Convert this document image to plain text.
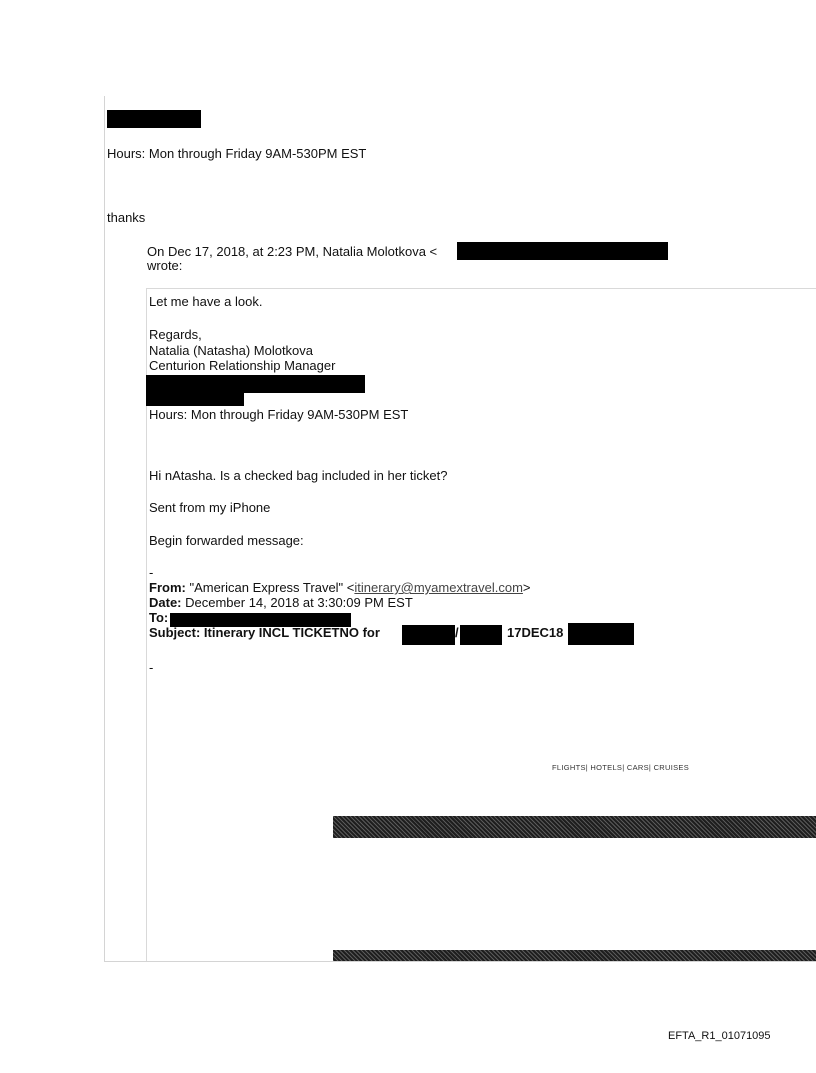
Hours: Mon through Friday 9AM-530PM EST
thanks
On Dec 17, 2018, at 2:23 PM, Natalia Molotkova <
wrote:
Let me have a look.
Regards,
Natalia (Natasha) Molotkova
Centurion Relationship Manager
Hours: Mon through Friday 9AM-530PM EST
Hi nAtasha. Is a checked bag included in her ticket?
Sent from my iPhone
Begin forwarded message:
-
From: "American Express Travel" <itinerary@myamextravel.com>
Date: December 14, 2018 at 3:30:09 PM EST
To:
Subject: Itinerary INCL TICKETNO for	/	17DEC18
-
FLIGHTS| HOTELS| CARS| CRUISES
EFTA_R1_01071095
